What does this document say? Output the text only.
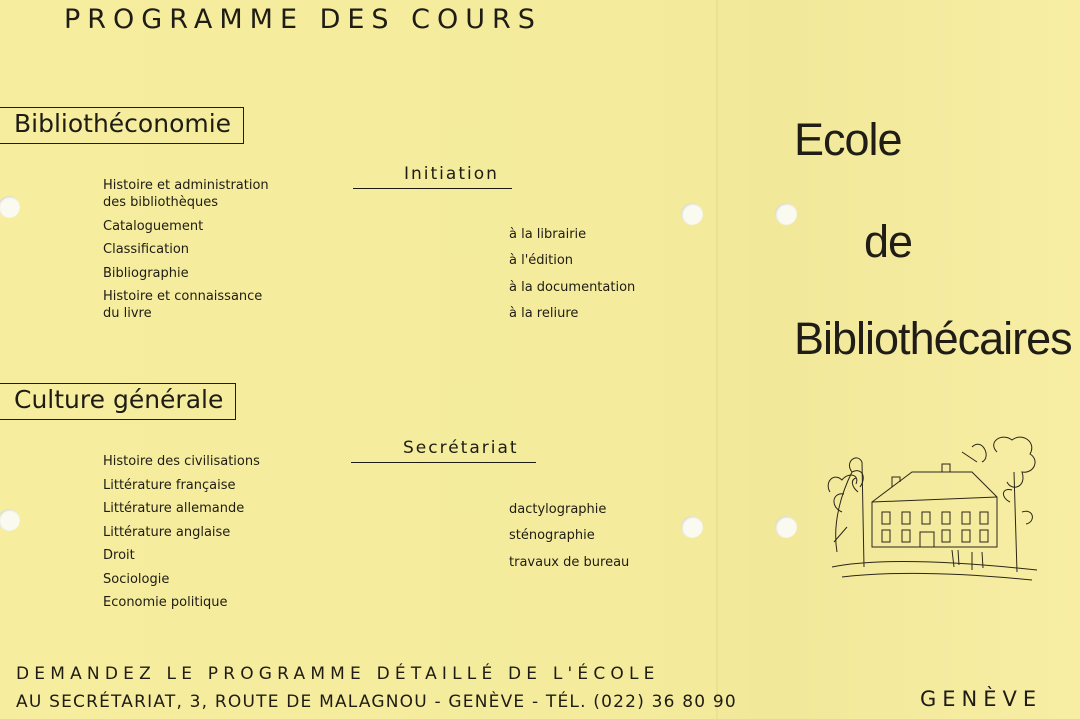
PROGRAMME DES COURS
Bibliothéconomie
Histoire et administration
des bibliothèques
Cataloguement
Classification
Bibliographie
Histoire et connaissance
du livre
Initiation
à la librairie
à l'édition
à la documentation
à la reliure
Culture générale
Histoire des civilisations
Littérature française
Littérature allemande
Littérature anglaise
Droit
Sociologie
Economie politique
Secrétariat
dactylographie
sténographie
travaux de bureau
DEMANDEZ LE PROGRAMME DÉTAILLÉ DE L'ÉCOLE
AU SECRÉTARIAT, 3, ROUTE DE MALAGNOU - GENÈVE - TÉL. (022) 36 80 90
Ecole
de
Bibliothécaires
GENÈVE
